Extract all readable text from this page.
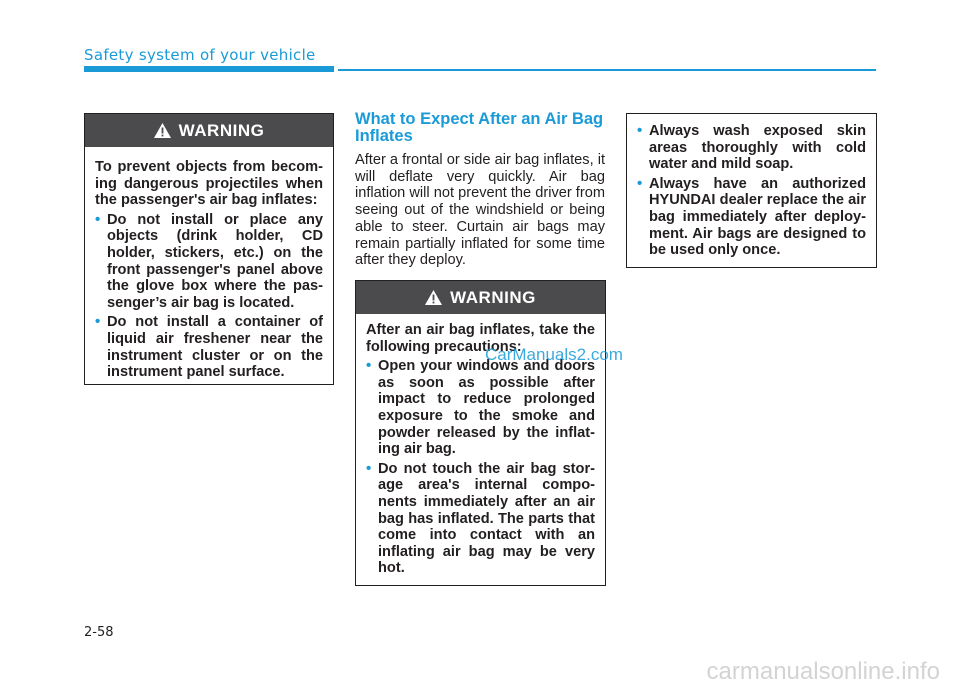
Safety system of your vehicle
WARNING

To prevent objects from becom-ing dangerous projectiles when the passenger's air bag inflates:

• Do not install or place any objects (drink holder, CD holder, stickers, etc.) on the front passenger's panel above the glove box where the pas-senger’s air bag is located.
• Do not install a container of liquid air freshener near the instrument cluster or on the instrument panel surface.
What to Expect After an Air Bag Inflates
After a frontal or side air bag inflates, it will deflate very quickly. Air bag inflation will not prevent the driver from seeing out of the windshield or being able to steer. Curtain air bags may remain partially inflated for some time after they deploy.
WARNING

After an air bag inflates, take the following precautions:

• Open your windows and doors as soon as possible after impact to reduce prolonged exposure to the smoke and powder released by the inflat-ing air bag.
• Do not touch the air bag stor-age area's internal compo-nents immediately after an air bag has inflated. The parts that come into contact with an inflating air bag may be very hot.
• Always wash exposed skin areas thoroughly with cold water and mild soap.
• Always have an authorized HYUNDAI dealer replace the air bag immediately after deploy-ment. Air bags are designed to be used only once.
CarManuals2.com
2-58
carmanualsonline.info
